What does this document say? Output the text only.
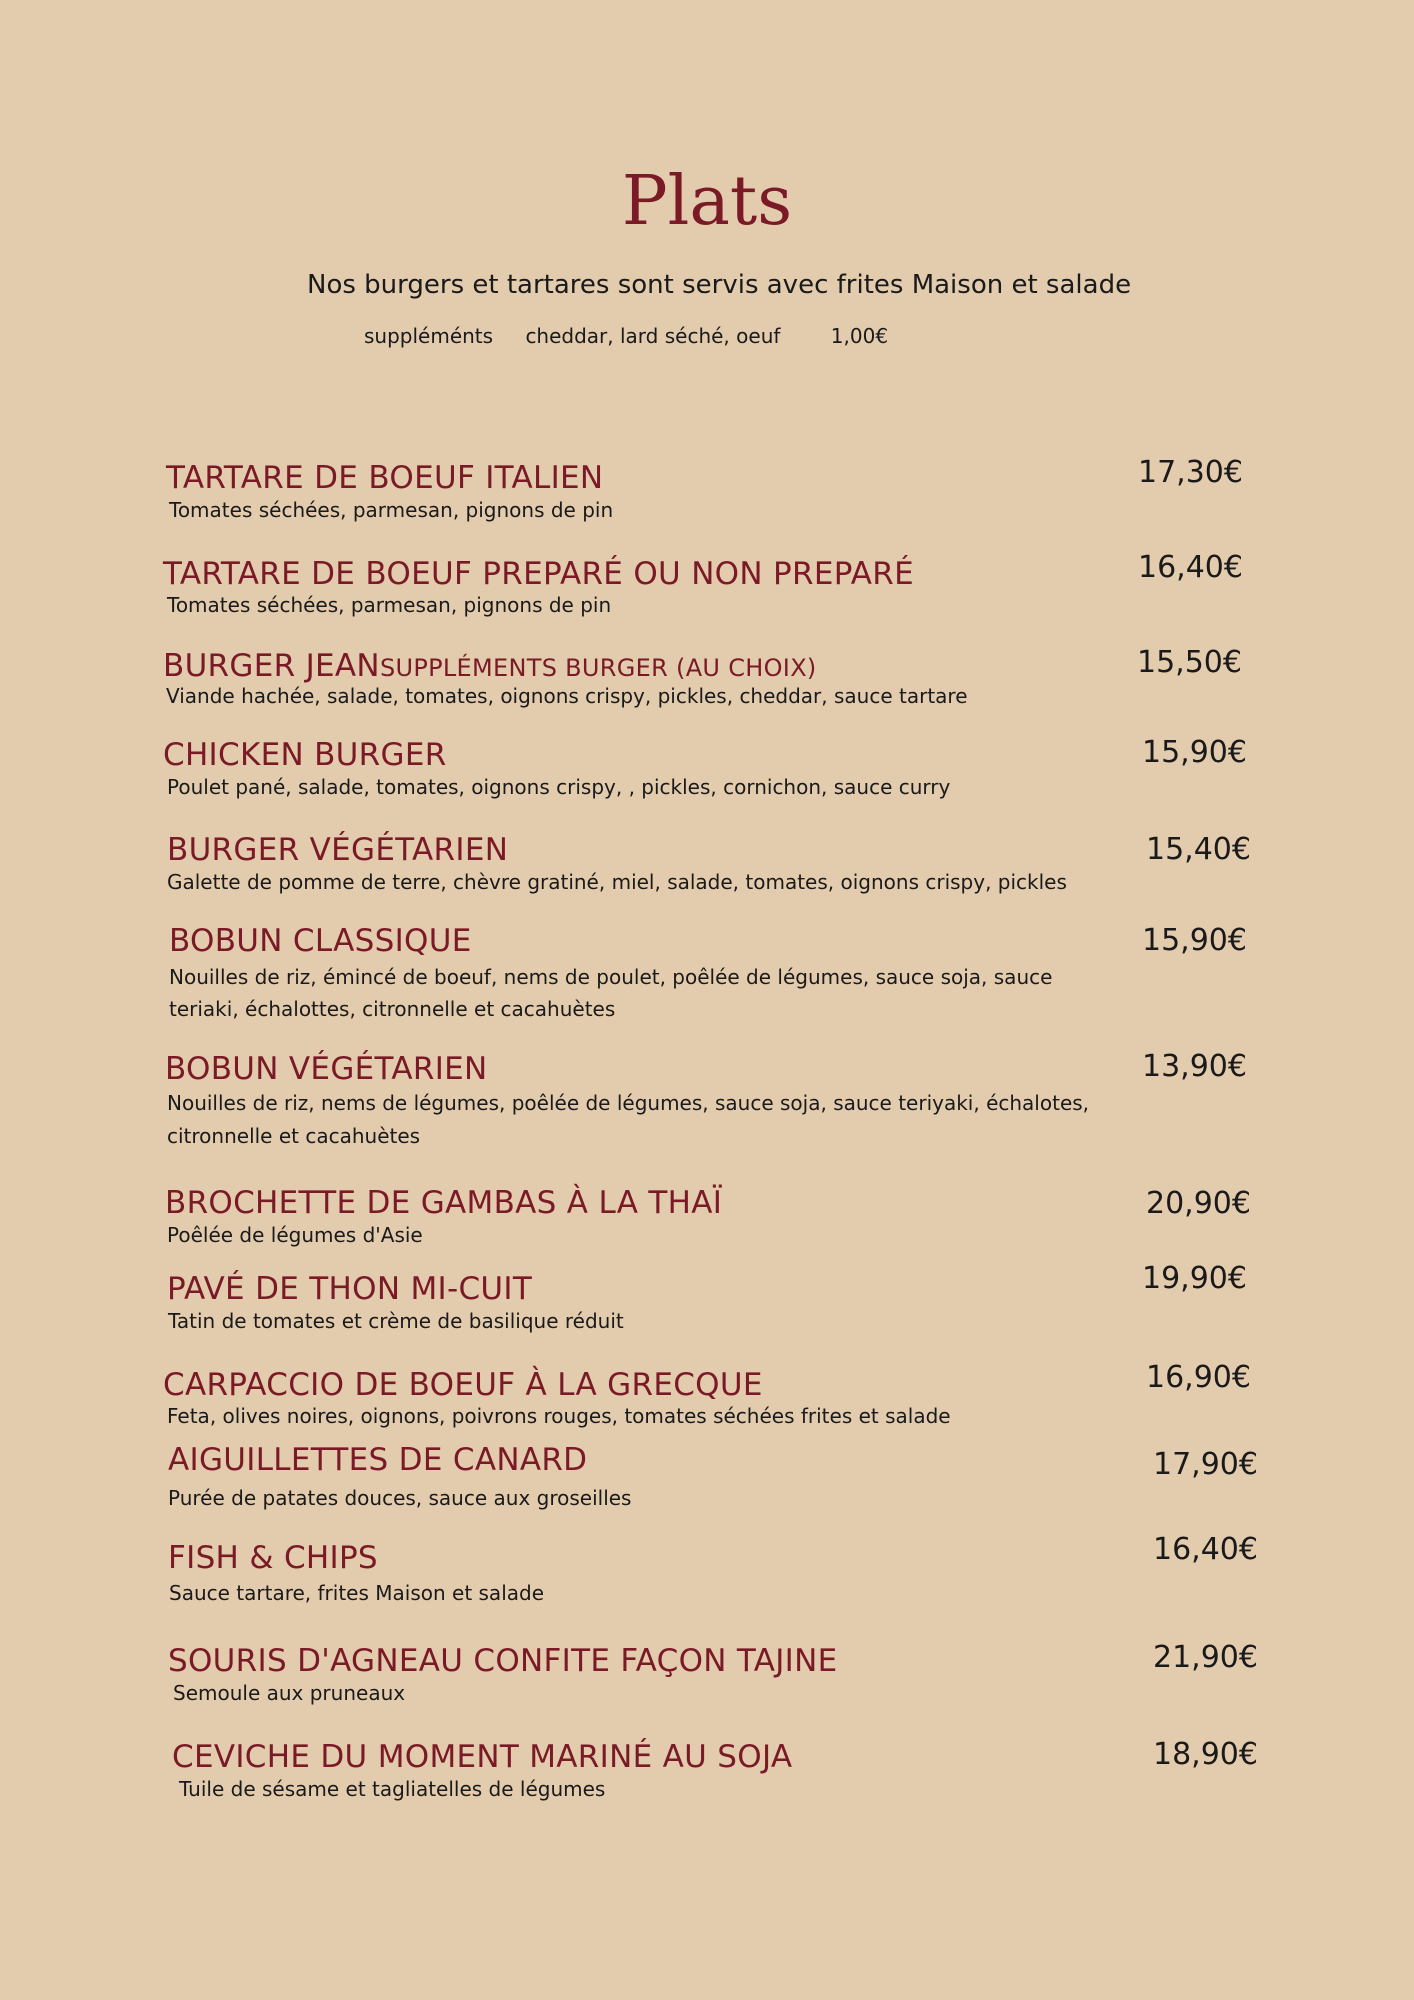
Plats
Nos burgers et tartares sont servis avec frites Maison et salade
suppléménts cheddar, lard séché, oeuf	1,00€
TARTARE DE BOEUF ITALIEN
Tomates séchées, parmesan, pignons de pin
17,30€
TARTARE DE BOEUF PREPARÉ OU NON PREPARÉ
Tomates séchées, parmesan, pignons de pin
16,40€
BURGER JEANSUPPLÉMENTS BURGER (AU CHOIX)
Viande hachée, salade, tomates, oignons crispy, pickles, cheddar, sauce tartare
15,50€
CHICKEN BURGER
Poulet pané, salade, tomates, oignons crispy, , pickles, cornichon, sauce curry
15,90€
BURGER VÉGÉTARIEN
Galette de pomme de terre, chèvre gratiné, miel, salade, tomates, oignons crispy, pickles
15,40€
BOBUN CLASSIQUE
Nouilles de riz, émincé de boeuf, nems de poulet, poêlée de légumes, sauce soja, sauce
teriaki, échalottes, citronnelle et cacahuètes
15,90€
BOBUN VÉGÉTARIEN
Nouilles de riz, nems de légumes, poêlée de légumes, sauce soja, sauce teriyaki, échalotes,
citronnelle et cacahuètes
13,90€
BROCHETTE DE GAMBAS À LA THAÏ
Poêlée de légumes d'Asie
20,90€
PAVÉ DE THON MI-CUIT
Tatin de tomates et crème de basilique réduit
19,90€
CARPACCIO DE BOEUF À LA GRECQUE
Feta, olives noires, oignons, poivrons rouges, tomates séchées frites et salade
16,90€
AIGUILLETTES DE CANARD
Purée de patates douces, sauce aux groseilles
17,90€
FISH & CHIPS
Sauce tartare, frites Maison et salade
16,40€
SOURIS D'AGNEAU CONFITE FAÇON TAJINE
Semoule aux pruneaux
21,90€
CEVICHE DU MOMENT MARINÉ AU SOJA
Tuile de sésame et tagliatelles de légumes
18,90€
